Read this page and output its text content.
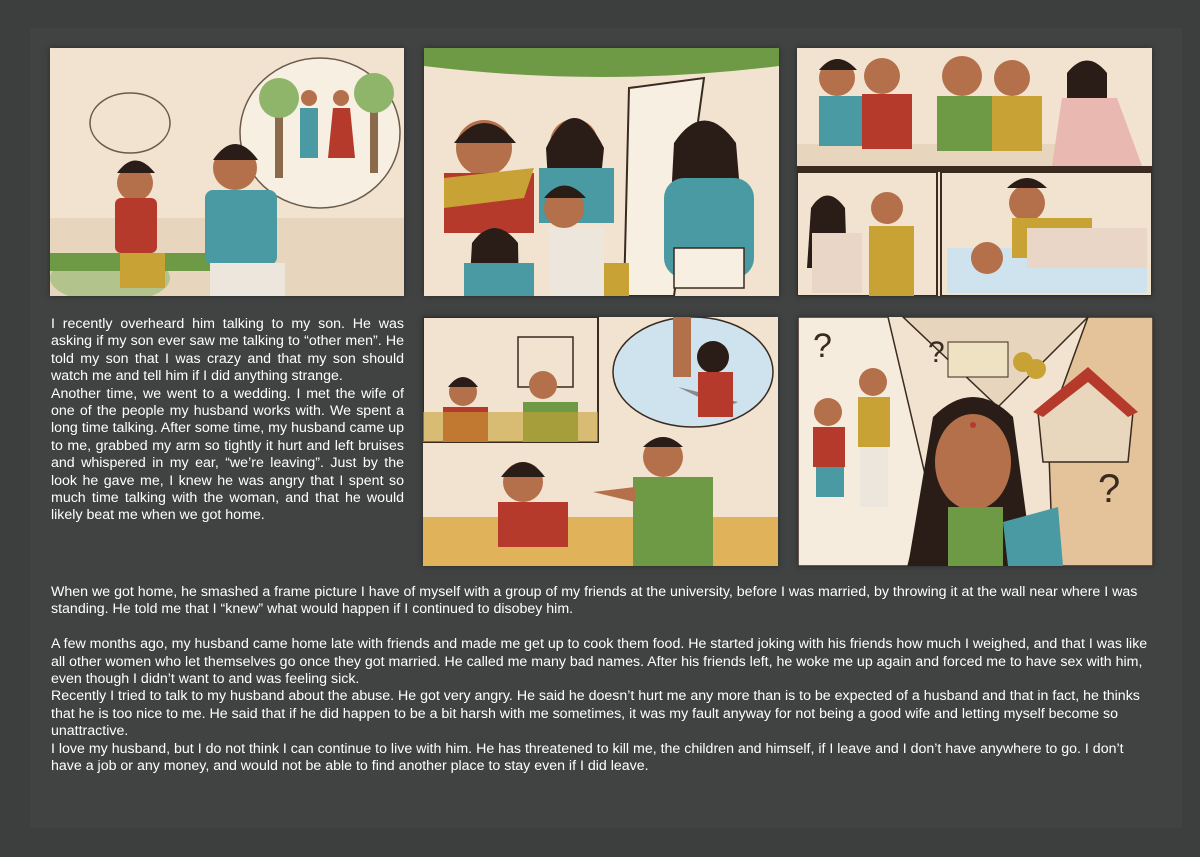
?	?
?

I recently overheard him talking to my son. He was asking if my son ever saw me talking to “other men”. He told my son that I was crazy and that my son should watch me and tell him if I did anything strange.

Another time, we went to a wedding. I met the wife of one of the people my husband works with. We spent a long time talking. After some time, my husband came up to me, grabbed my arm so tightly it hurt and left bruises and whispered in my ear, “we’re leaving”. Just by the look he gave me, I knew he was angry that I spent so much time talking with the woman, and that he would likely beat me when we got home.

When we got home, he smashed a frame picture I have of myself with a group of my friends at the university, before I was married, by throwing it at the wall near where I was standing. He told me that I “knew” what would happen if I continued to disobey him.

A few months ago, my husband came home late with friends and made me get up to cook them food. He started joking with his friends how much I weighed, and that I was like all other women who let themselves go once they got married. He called me many bad names. After his friends left, he woke me up again and forced me to have sex with him, even though I didn’t want to and was feeling sick.

Recently I tried to talk to my husband about the abuse. He got very angry. He said he doesn’t hurt me any more than is to be expected of a husband and that in fact, he thinks that he is too nice to me. He said that if he did happen to be a bit harsh with me sometimes, it was my fault anyway for not being a good wife and letting myself become so unattractive.

I love my husband, but I do not think I can continue to live with him. He has threatened to kill me, the children and himself, if I leave and I don’t have anywhere to go. I don’t have a job or any money, and would not be able to find another place to stay even if I did leave.
